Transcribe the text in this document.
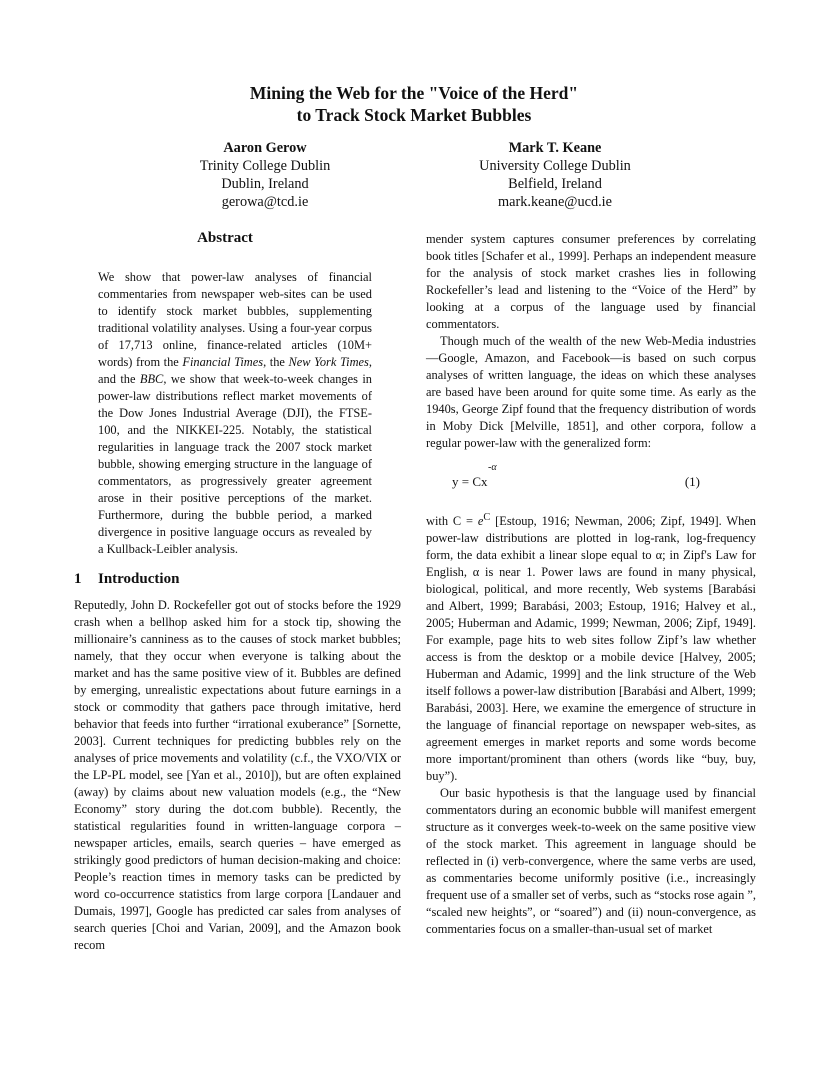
Mining the Web for the "Voice of the Herd"
to Track Stock Market Bubbles
Aaron Gerow
Trinity College Dublin
Dublin, Ireland
gerowa@tcd.ie
Mark T. Keane
University College Dublin
Belfield, Ireland
mark.keane@ucd.ie
Abstract
We show that power-law analyses of financial commentaries from newspaper web-sites can be used to identify stock market bubbles, supplementing traditional volatility analyses. Using a four-year corpus of 17,713 online, finance-related articles (10M+ words) from the Financial Times, the New York Times, and the BBC, we show that week-to-week changes in power-law distributions reflect market movements of the Dow Jones Industrial Average (DJI), the FTSE-100, and the NIKKEI-225. Notably, the statistical regularities in language track the 2007 stock market bubble, showing emerging structure in the language of commentators, as progressively greater agreement arose in their positive perceptions of the market. Furthermore, during the bubble period, a marked divergence in positive language occurs as revealed by a Kullback-Leibler analysis.
1 Introduction

Reputedly, John D. Rockefeller got out of stocks before the 1929 crash when a bellhop asked him for a stock tip, showing the millionaire’s canniness as to the causes of stock market bubbles; namely, that they occur when everyone is talking about the market and has the same positive view of it. Bubbles are defined by emerging, unrealistic expectations about future earnings in a stock or commodity that gathers pace through imitative, herd behavior that feeds into further “irrational exuberance” [Sornette, 2003]. Current techniques for predicting bubbles rely on the analyses of price movements and volatility (c.f., the VXO/VIX or the LP-PL model, see [Yan et al., 2010]), but are often explained (away) by claims about new valuation models (e.g., the “New Economy” story during the dot.com bubble). Recently, the statistical regularities found in written-language corpora – newspaper articles, emails, search queries – have emerged as strikingly good predictors of human decision-making and choice: People’s reaction times in memory tasks can be predicted by word co-occurrence statistics from large corpora [Landauer and Dumais, 1997], Google has predicted car sales from analyses of search queries [Choi and Varian, 2009], and the Amazon book recom

mender system captures consumer preferences by correlating book titles [Schafer et al., 1999]. Perhaps an independent measure for the analysis of stock market crashes lies in following Rockefeller’s lead and listening to the “Voice of the Herd” by looking at a corpus of the language used by financial commentators.

Though much of the wealth of the new Web-Media industries—Google, Amazon, and Facebook—is based on such corpus analyses of written language, the ideas on which these analyses are based have been around for quite some time. As early as the 1940s, George Zipf found that the frequency distribution of words in Moby Dick [Melville, 1851], and other corpora, follow a regular power-law with the generalized form:

-α
y = Cx	(1)

with $C = e^C$ [Estoup, 1916; Newman, 2006; Zipf, 1949]. When power-law distributions are plotted in log-rank, log-frequency form, the data exhibit a linear slope equal to α; in Zipf's Law for English, α is near 1. Power laws are found in many physical, biological, political, and more recently, Web systems [Barabási and Albert, 1999; Barabási, 2003; Estoup, 1916; Halvey et al., 2005; Huberman and Adamic, 1999; Newman, 2006; Zipf, 1949]. For example, page hits to web sites follow Zipf’s law whether access is from the desktop or a mobile device [Halvey, 2005; Huberman and Adamic, 1999] and the link structure of the Web itself follows a power-law distribution [Barabási and Albert, 1999; Barabási, 2003]. Here, we examine the emergence of structure in the language of financial reportage on newspaper web-sites, as agreement emerges in market reports and some words become more important/prominent than others (words like “buy, buy, buy”).

Our basic hypothesis is that the language used by financial commentators during an economic bubble will manifest emergent structure as it converges week-to-week on the same positive view of the stock market. This agreement in language should be reflected in (i) verb-convergence, where the same verbs are used, as commentaries become uniformly positive (i.e., increasingly frequent use of a smaller set of verbs, such as “stocks rose again ”, “scaled new heights”, or “soared”) and (ii) noun-convergence, as commentaries focus on a smaller-than-usual set of market
